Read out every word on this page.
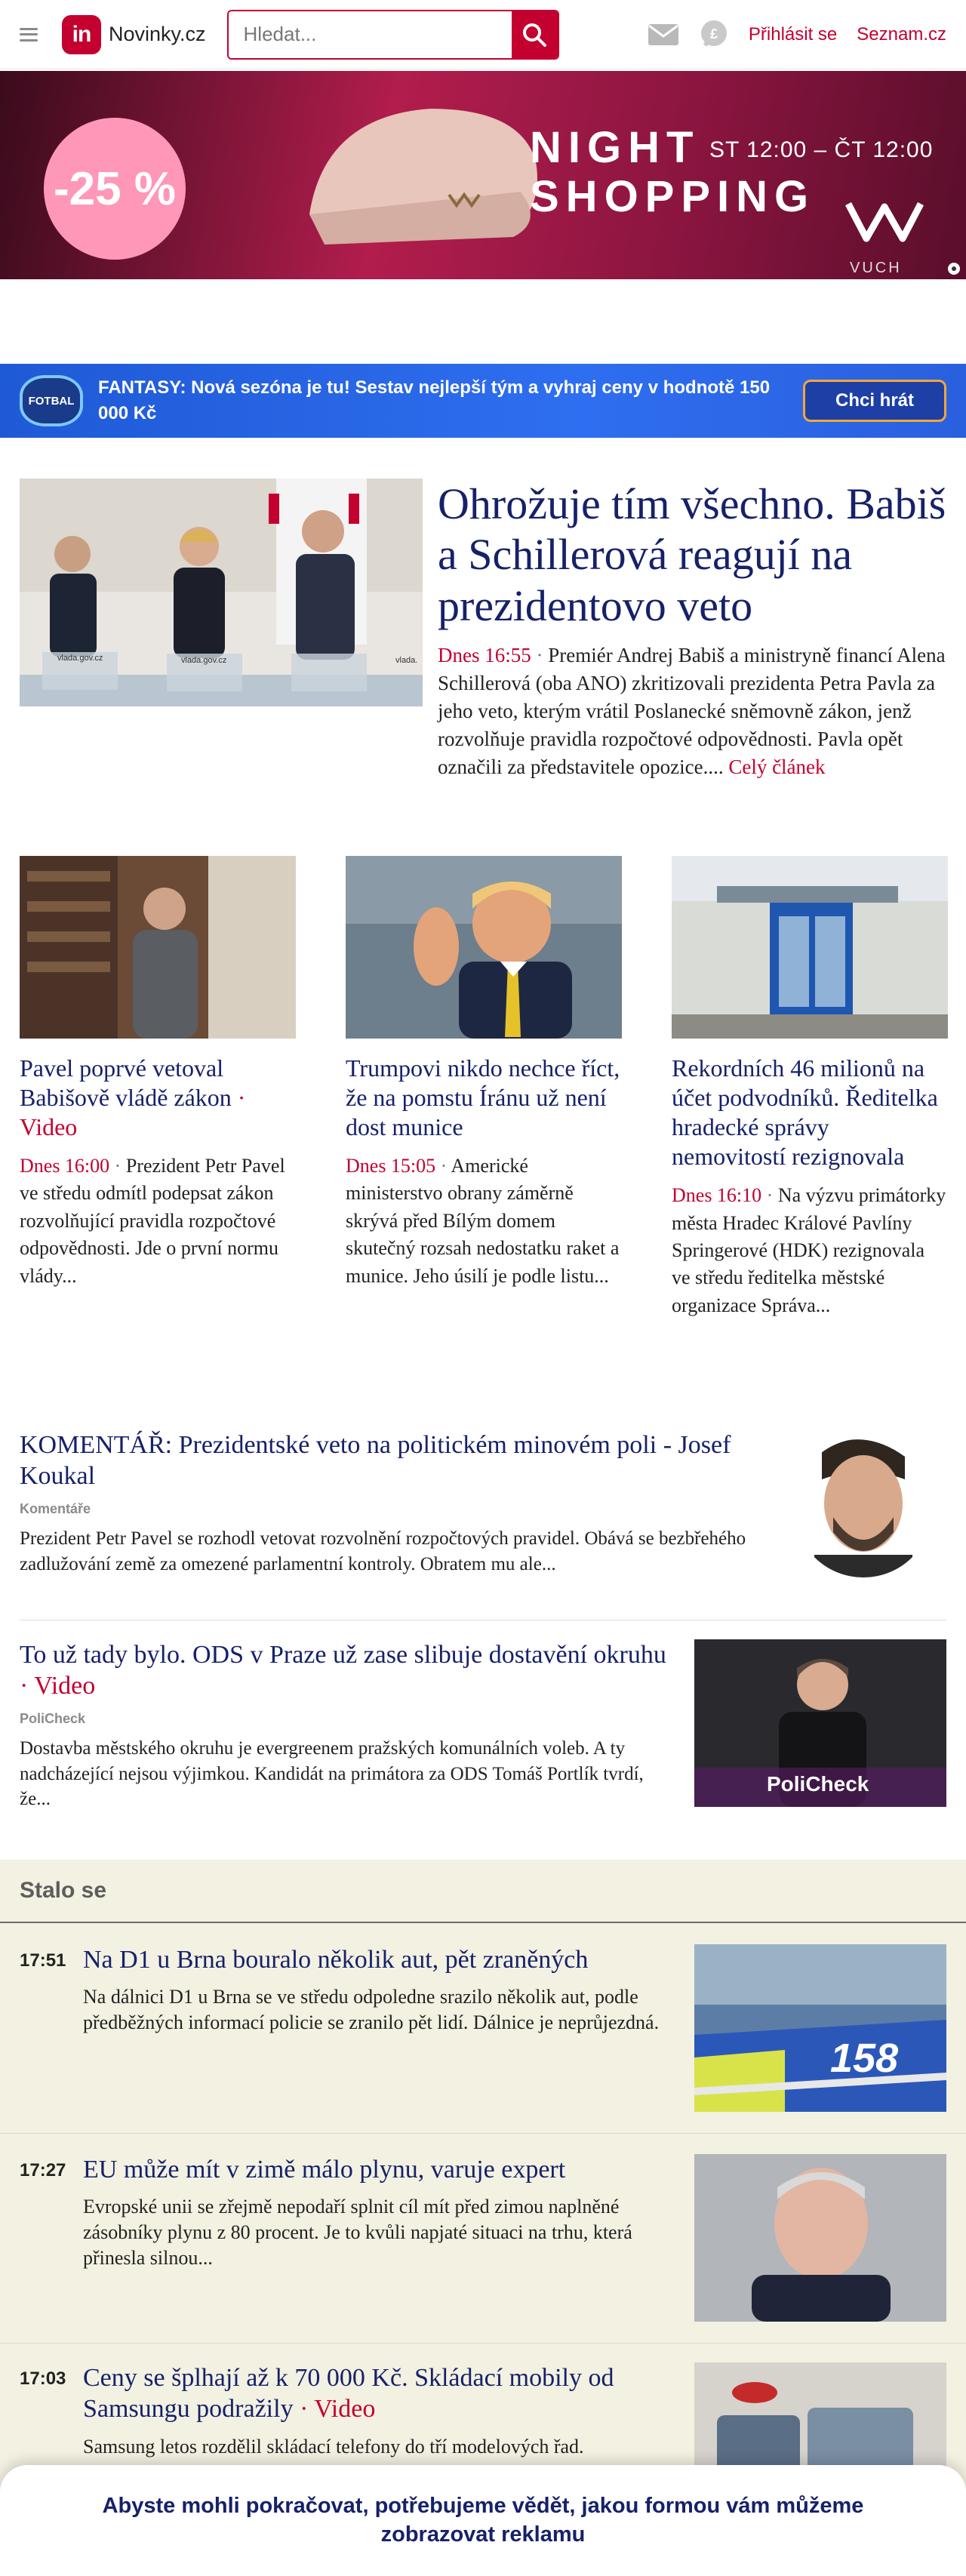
in Novinky.cz
Hledat...	£ Přihlásit se Seznam.cz
-25 %
NIGHT
SHOPPING
ST 12:00 – ČT 12:00
VUCH
FOTBAL
FANTASY: Nová sezóna je tu! Sestav nejlepší tým a vyhraj ceny v hodnotě 150 000 Kč
Chci hrát
vlada.gov.cz	vlada.gov.cz	vlada.
Ohrožuje tím všechno. Babiš a Schillerová reagují na prezidentovo veto

Dnes 16:55 · Premiér Andrej Babiš a ministryně financí Alena Schillerová (oba ANO) zkritizovali prezidenta Petra Pavla za jeho veto, kterým vrátil Poslanecké sněmovně zákon, jenž rozvolňuje pravidla rozpočtové odpovědnosti. Pavla opět označili za představitele opozice.... Celý článek

Pavel poprvé vetoval Babišově vládě zákon · Video

Dnes 16:00 · Prezident Petr Pavel ve středu odmítl podepsat zákon rozvolňující pravidla rozpočtové odpovědnosti. Jde o první normu vlády...

Trumpovi nikdo nechce říct, že na pomstu Íránu už není dost munice

Dnes 15:05 · Americké ministerstvo obrany záměrně skrývá před Bílým domem skutečný rozsah nedostatku raket a munice. Jeho úsilí je podle listu...

Rekordních 46 milionů na účet podvodníků. Ředitelka hradecké správy nemovitostí rezignovala

Dnes 16:10 · Na výzvu primátorky města Hradec Králové Pavlíny Springerové (HDK) rezignovala ve středu ředitelka městské organizace Správa...

KOMENTÁŘ: Prezidentské veto na politickém minovém poli - Josef Koukal
Komentáře

Prezident Petr Pavel se rozhodl vetovat rozvolnění rozpočtových pravidel. Obává se bezbřehého zadlužování země za omezené parlamentní kontroly. Obratem mu ale...

To už tady bylo. ODS v Praze už zase slibuje dostavění okruhu · Video
PoliCheck

Dostavba městského okruhu je evergreenem pražských komunálních voleb. A ty nadcházející nejsou výjimkou. Kandidát na primátora za ODS Tomáš Portlík tvrdí, že...

PoliCheck
Stalo se
17:51 Na D1 u Brna bouralo několik aut, pět zraněných

Na dálnici D1 u Brna se ve středu odpoledne srazilo několik aut, podle předběžných informací policie se zranilo pět lidí. Dálnice je neprůjezdná.

158
17:27 EU může mít v zimě málo plynu, varuje expert

Evropské unii se zřejmě nepodaří splnit cíl mít před zimou naplněné zásobníky plynu z 80 procent. Je to kvůli napjaté situaci na trhu, která přinesla silnou...

17:03 Ceny se šplhají až k 70 000 Kč. Skládací mobily od Samsungu podražily · Video

Samsung letos rozdělil skládací telefony do tří modelových řad.

Abyste mohli pokračovat, potřebujeme vědět, jakou formou vám můžeme zobrazovat reklamu
